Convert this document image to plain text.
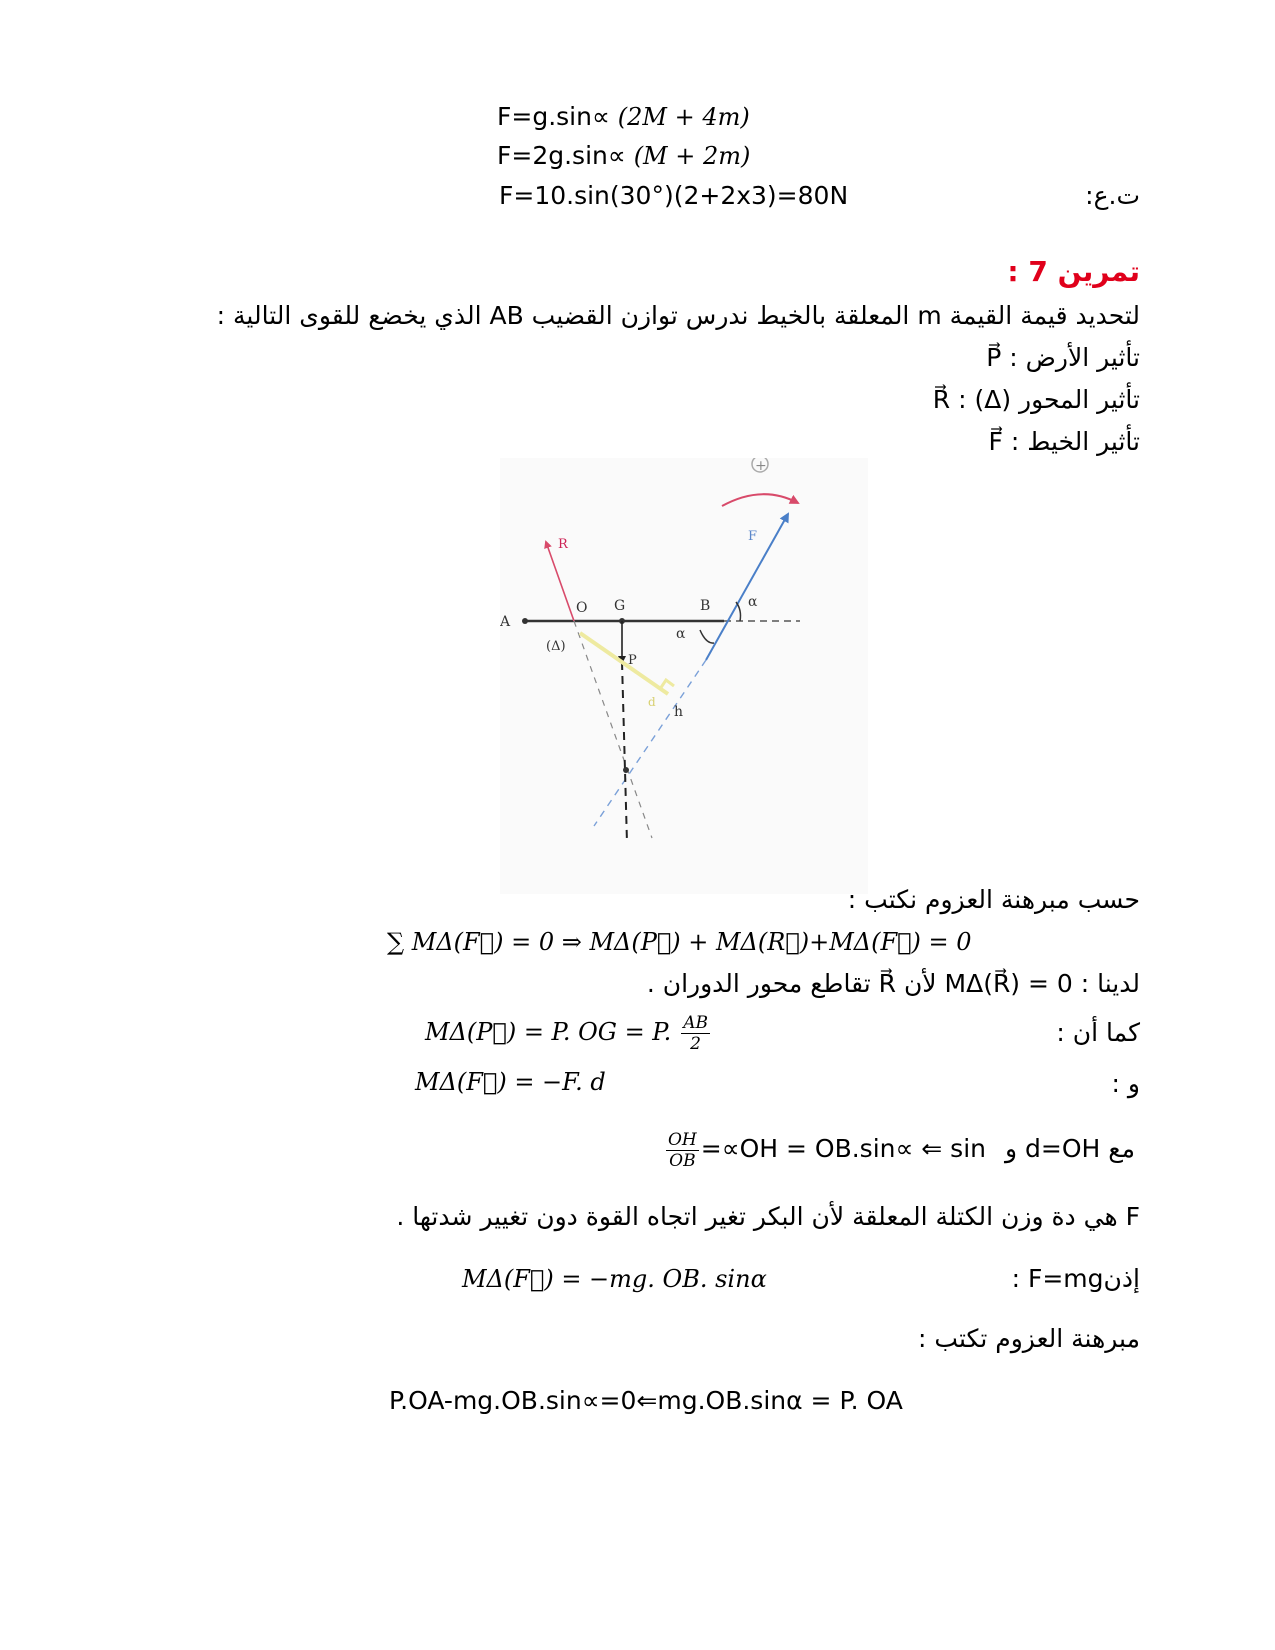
F=g.sin∝ (2M + 4m)
F=2g.sin∝ (M + 2m)
F=10.sin(30°)(2+2x3)=80N	ت.ع:
تمرين 7 :
لتحديد قيمة القيمة m المعلقة بالخيط ندرس توازن القضيب AB الذي يخضع للقوى التالية :
تأثير الأرض : P⃗
تأثير المحور (Δ) : R⃗
تأثير الخيط : F⃗
+
R
F
A
O G	B	α
α
(Δ)
P
d
h
حسب مبرهنة العزوم نكتب :
∑ MΔ(F⃗) = 0 ⇒ MΔ(P⃗) + MΔ(R⃗)+MΔ(F⃗) = 0
لدينا : MΔ(R⃗) = 0 لأن R⃗ تقاطع محور الدوران .
كما أن :
MΔ(P⃗) = P. OG = P. $\frac{AB}{2}$
و :
MΔ(F⃗) = −F. d
مع d=OH و
OH = OB.sin∝ ⇐ sin∝=
$\frac{OH}{OB}$
F هي دة وزن الكتلة المعلقة لأن البكر تغير اتجاه القوة دون تغيير شدتها .
إذنF=mg :
MΔ(F⃗) = −mg. OB. sinα
مبرهنة العزوم تكتب :
P.OA-mg.OB.sin∝=0⇐mg.OB.sinα = P. OA
